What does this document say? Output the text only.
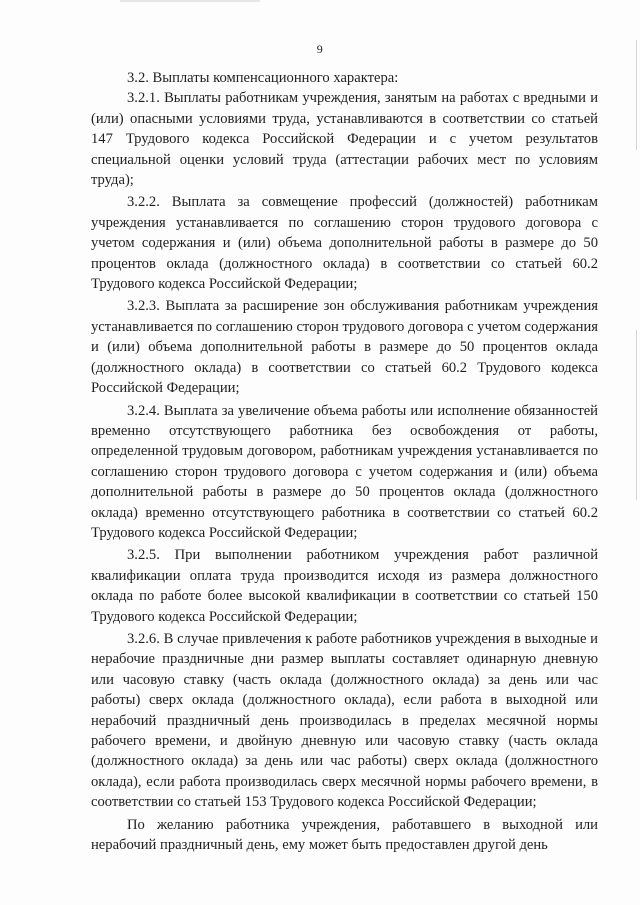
9

3.2. Выплаты компенсационного характера:

3.2.1. Выплаты работникам учреждения, занятым на работах с вредными и (или) опасными условиями труда, устанавливаются в соответствии со статьей 147 Трудового кодекса Российской Федерации и с учетом результатов специальной оценки условий труда (аттестации рабочих мест по условиям труда);

3.2.2. Выплата за совмещение профессий (должностей) работникам учреждения устанавливается по соглашению сторон трудового договора с учетом содержания и (или) объема дополнительной работы в размере до 50 процентов оклада (должностного оклада) в соответствии со статьей 60.2 Трудового кодекса Российской Федерации;

3.2.3. Выплата за расширение зон обслуживания работникам учреждения устанавливается по соглашению сторон трудового договора с учетом содержания и (или) объема дополнительной работы в размере до 50 процентов оклада (должностного оклада) в соответствии со статьей 60.2 Трудового кодекса Российской Федерации;

3.2.4. Выплата за увеличение объема работы или исполнение обязанностей временно отсутствующего работника без освобождения от работы, определенной трудовым договором, работникам учреждения устанавливается по соглашению сторон трудового договора с учетом содержания и (или) объема дополнительной работы в размере до 50 процентов оклада (должностного оклада) временно отсутствующего работника в соответствии со статьей 60.2 Трудового кодекса Российской Федерации;

3.2.5. При выполнении работником учреждения работ различной квалификации оплата труда производится исходя из размера должностного оклада по работе более высокой квалификации в соответствии со статьей 150 Трудового кодекса Российской Федерации;

3.2.6. В случае привлечения к работе работников учреждения в выходные и нерабочие праздничные дни размер выплаты составляет одинарную дневную или часовую ставку (часть оклада (должностного оклада) за день или час работы) сверх оклада (должностного оклада), если работа в выходной или нерабочий праздничный день производилась в пределах месячной нормы рабочего времени, и двойную дневную или часовую ставку (часть оклада (должностного оклада) за день или час работы) сверх оклада (должностного оклада), если работа производилась сверх месячной нормы рабочего времени, в соответствии со статьей 153 Трудового кодекса Российской Федерации;

По желанию работника учреждения, работавшего в выходной или нерабочий праздничный день, ему может быть предоставлен другой день
